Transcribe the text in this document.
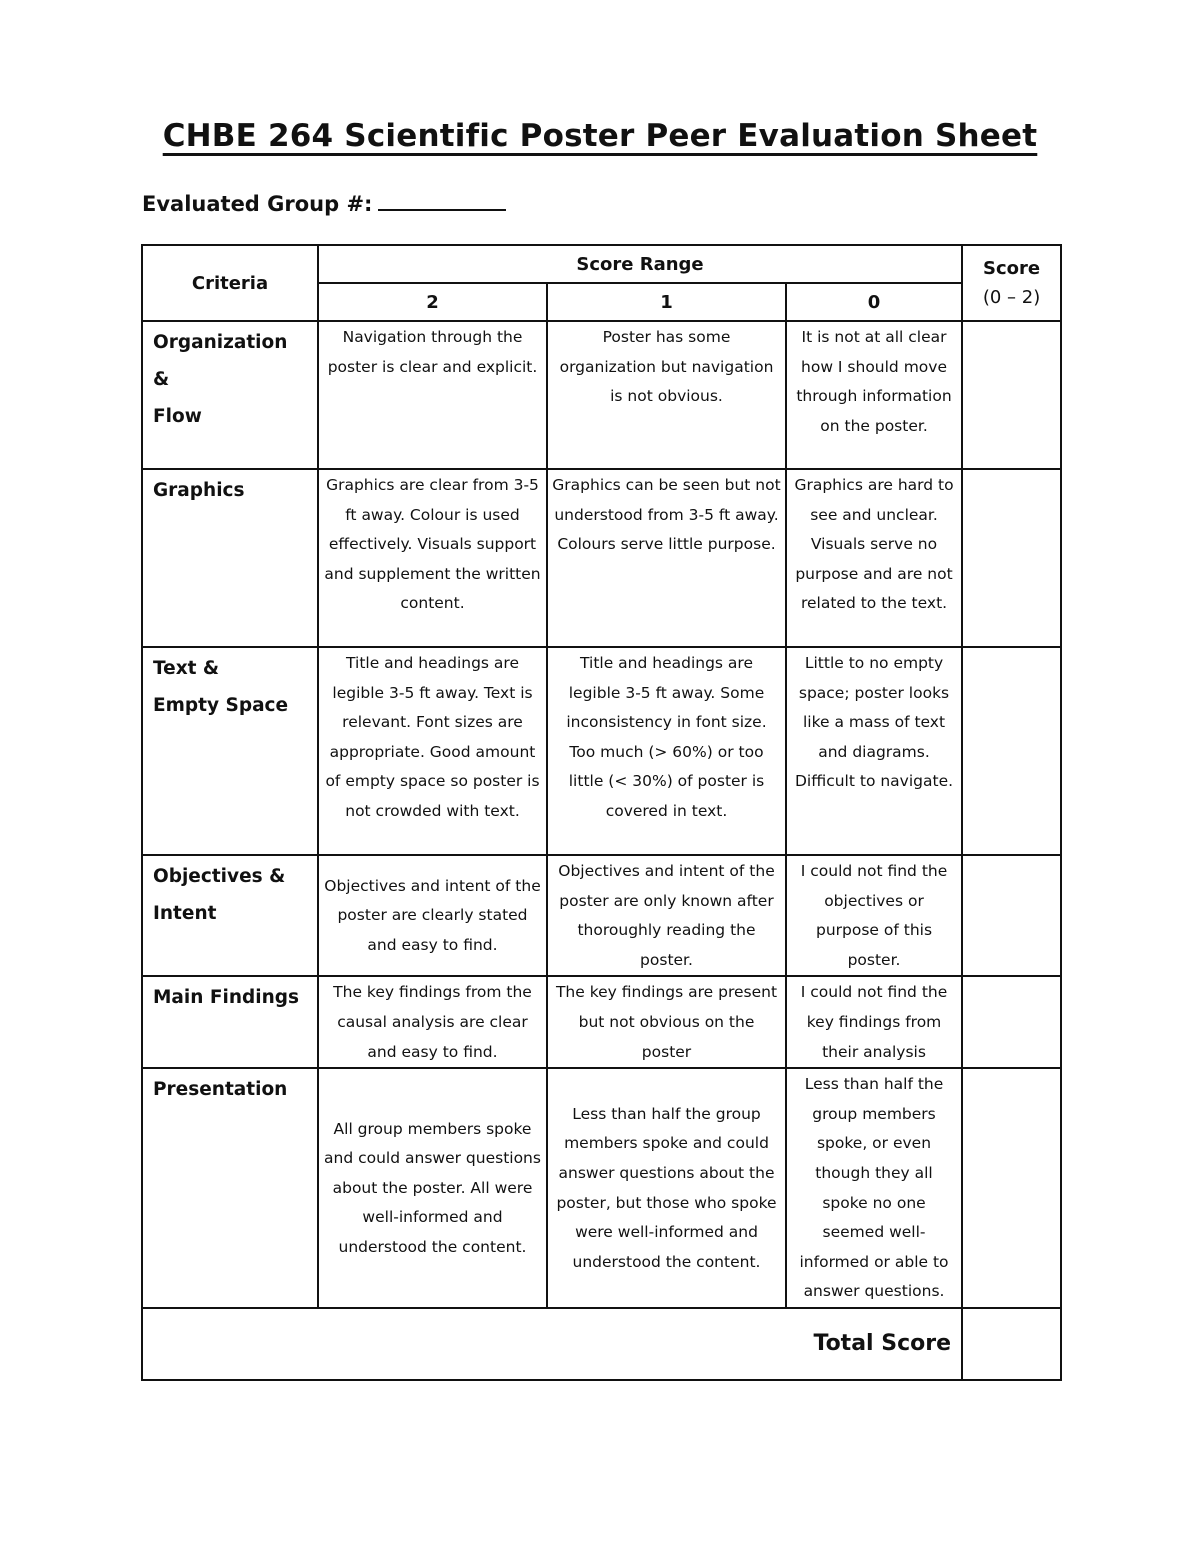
CHBE 264 Scientific Poster Peer Evaluation Sheet
Evaluated Group #:
Criteria	Score Range			Score
(0 – 2)

	2	1	0	

Organization
&
Flow	Navigation through the poster is clear and explicit.	Poster has some organization but navigation is not obvious.	It is not at all clear how I should move through information on the poster.	

Graphics	Graphics are clear from 3-5 ft away. Colour is used effectively. Visuals support and supplement the written content.	Graphics can be seen but not understood from 3-5 ft away. Colours serve little purpose.	Graphics are hard to see and unclear. Visuals serve no purpose and are not related to the text.	

Text &
Empty Space	Title and headings are legible 3-5 ft away. Text is relevant. Font sizes are appropriate. Good amount of empty space so poster is not crowded with text.	Title and headings are legible 3-5 ft away. Some inconsistency in font size. Too much (> 60%) or too little (< 30%) of poster is covered in text.	Little to no empty space; poster looks like a mass of text and diagrams. Difficult to navigate.	

Objectives &
Intent	Objectives and intent of the poster are clearly stated and easy to find.	Objectives and intent of the poster are only known after thoroughly reading the poster.	I could not find the objectives or purpose of this poster.	

Main Findings	The key findings from the causal analysis are clear and easy to find.	The key findings are present but not obvious on the poster	I could not find the key findings from their analysis	

Presentation	All group members spoke and could answer questions about the poster. All were well-informed and understood the content.	Less than half the group members spoke and could answer questions about the poster, but those who spoke were well-informed and understood the content.	Less than half the group members spoke, or even though they all spoke no one seemed well-informed or able to answer questions.	
Total Score				
